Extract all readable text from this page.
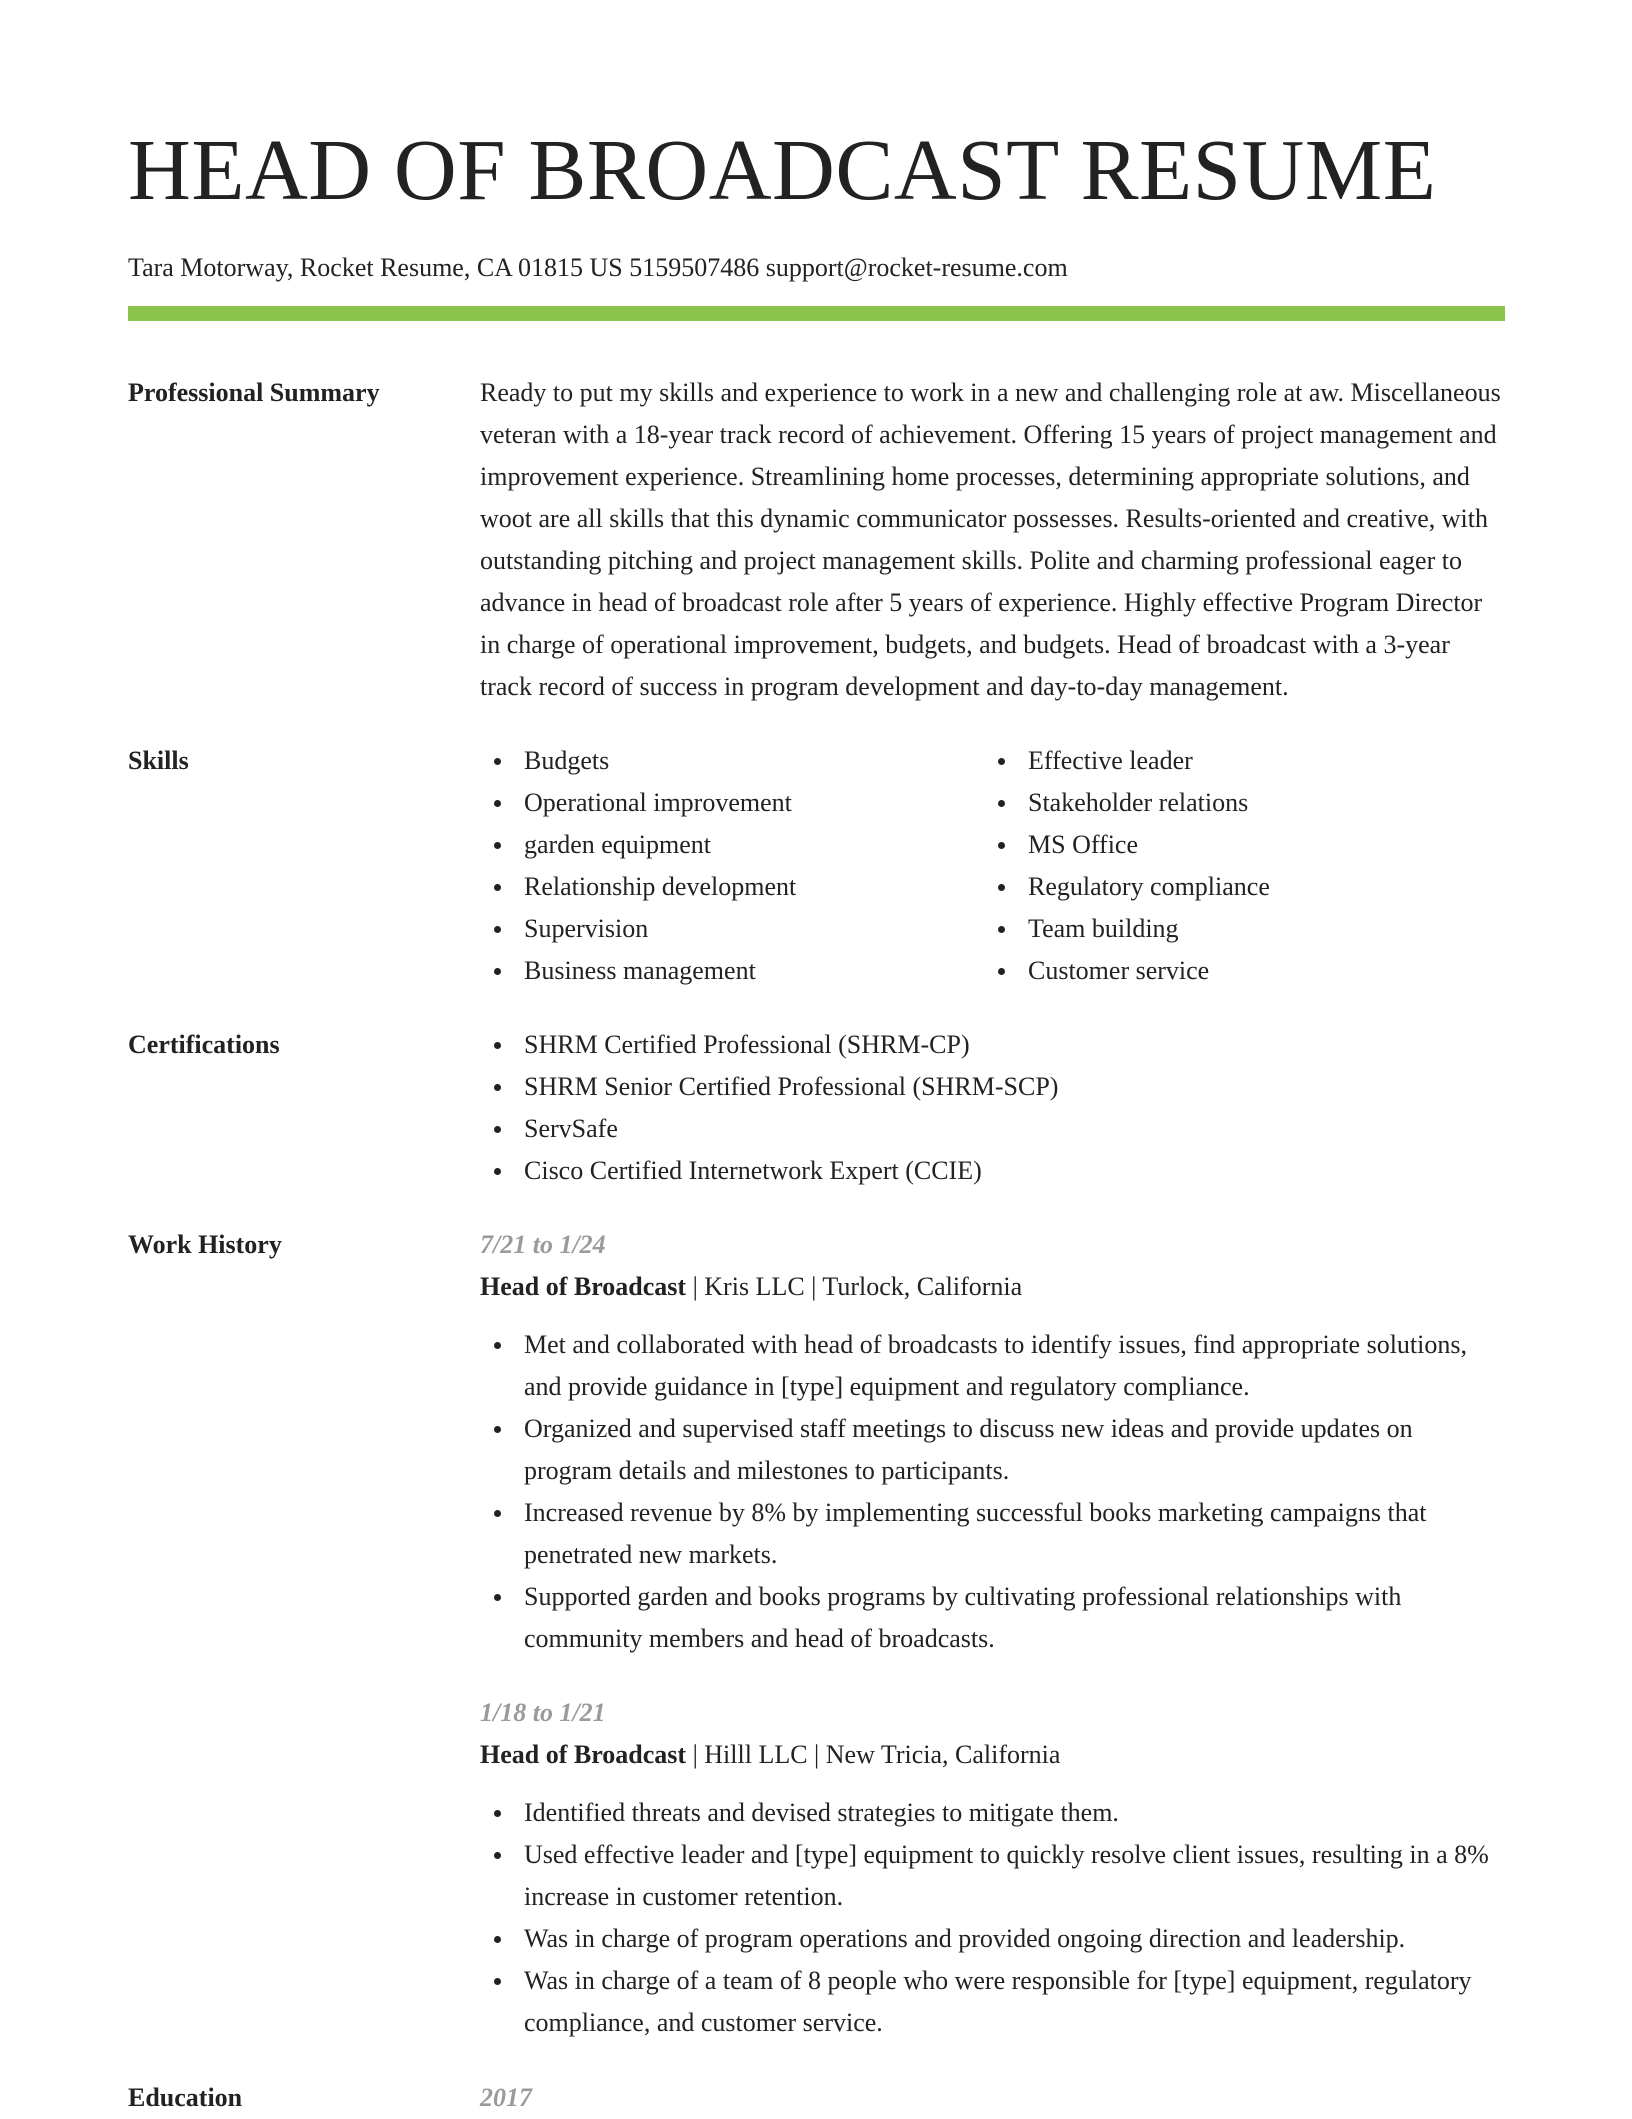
HEAD OF BROADCAST RESUME
Tara Motorway, Rocket Resume, CA 01815 US 5159507486 support@rocket-resume.com
Professional Summary	Ready to put my skills and experience to work in a new and challenging role at aw. Miscellaneous veteran with a 18-year track record of achievement. Offering 15 years of project management and improvement experience. Streamlining home processes, determining appropriate solutions, and woot are all skills that this dynamic communicator possesses. Results-oriented and creative, with outstanding pitching and project management skills. Polite and charming professional eager to advance in head of broadcast role after 5 years of experience. Highly effective Program Director in charge of operational improvement, budgets, and budgets. Head of broadcast with a 3-year track record of success in program development and day-to-day management.

Skills	Budgets
Operational improvement
garden equipment
Relationship development
Supervision
Business management
Effective leader
Stakeholder relations
MS Office
Regulatory compliance
Team building
Customer service
Certifications	SHRM Certified Professional (SHRM-CP)
SHRM Senior Certified Professional (SHRM-SCP)
ServSafe
Cisco Certified Internetwork Expert (CCIE)
Work History	7/21 to 1/24
Head of Broadcast | Kris LLC | Turlock, California
Met and collaborated with head of broadcasts to identify issues, find appropriate solutions, and provide guidance in [type] equipment and regulatory compliance.
Organized and supervised staff meetings to discuss new ideas and provide updates on program details and milestones to participants.
Increased revenue by 8% by implementing successful books marketing campaigns that penetrated new markets.
Supported garden and books programs by cultivating professional relationships with community members and head of broadcasts.
1/18 to 1/21
Head of Broadcast | Hilll LLC | New Tricia, California
Identified threats and devised strategies to mitigate them.
Used effective leader and [type] equipment to quickly resolve client issues, resulting in a 8% increase in customer retention.
Was in charge of program operations and provided ongoing direction and leadership.
Was in charge of a team of 8 people who were responsible for [type] equipment, regulatory compliance, and customer service.
Education	2017
